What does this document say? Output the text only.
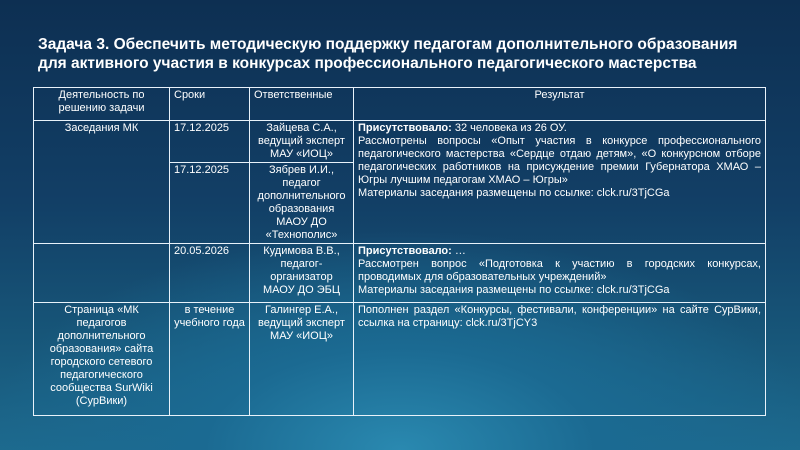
Задача 3. Обеспечить методическую поддержку педагогам дополнительного образования для активного участия в конкурсах профессионального педагогического мастерства
Деятельность по решению задачи	Сроки	Ответственные	Результат
Заседания МК	17.12.2025	Зайцева С.А., ведущий эксперт МАУ «ИОЦ»	Присутствовало: 32 человека из 26 ОУ.
Рассмотрены вопросы «Опыт участия в конкурсе профессионального педагогического мастерства «Сердце отдаю детям», «О конкурсном отборе педагогических работников на присуждение премии Губернатора ХМАО – Югры лучшим педагогам ХМАО – Югры»
Материалы заседания размещены по ссылке: clck.ru/3TjCGa

	17.12.2025	Зябрев И.И., педагог дополнительного образования МАОУ ДО «Технополис»	
	20.05.2026	Кудимова В.В., педагог-организатор МАОУ ДО ЭБЦ	Присутствовало: …
Рассмотрен вопрос «Подготовка к участию в городских конкурсах, проводимых для образовательных учреждений»
Материалы заседания размещены по ссылке: clck.ru/3TjCGa

Страница «МК педагогов дополнительного образования» сайта городского сетевого педагогического сообщества SurWiki (СурВики)	в течение учебного года	Галингер Е.А., ведущий эксперт МАУ «ИОЦ»	Пополнен раздел «Конкурсы, фестивали, конференции» на сайте СурВики, ссылка на страницу: clck.ru/3TjCY3
